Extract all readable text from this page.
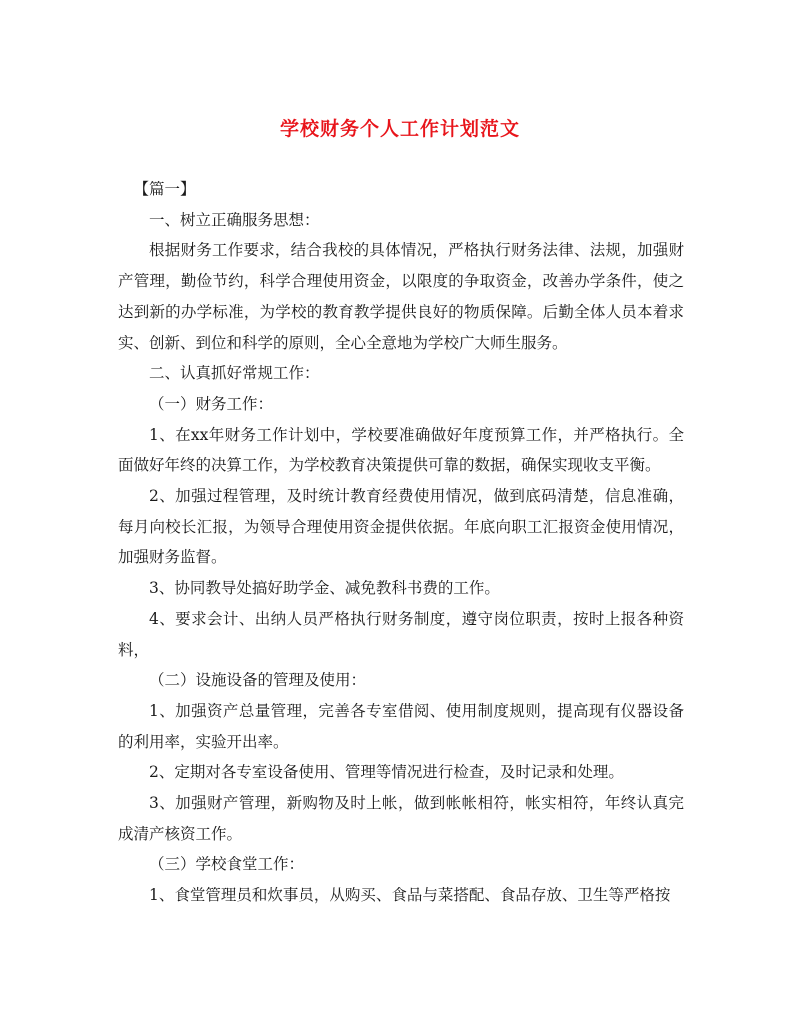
学校财务个人工作计划范文

【篇一】

一、树立正确服务思想：

根据财务工作要求，结合我校的具体情况，严格执行财务法律、法规，加强财产管理，勤俭节约，科学合理使用资金，以限度的争取资金，改善办学条件，使之达到新的办学标准，为学校的教育教学提供良好的物质保障。后勤全体人员本着求实、创新、到位和科学的原则，全心全意地为学校广大师生服务。

二、认真抓好常规工作：

（一）财务工作：

1、在xx年财务工作计划中，学校要准确做好年度预算工作，并严格执行。全面做好年终的决算工作，为学校教育决策提供可靠的数据，确保实现收支平衡。

2、加强过程管理，及时统计教育经费使用情况，做到底码清楚，信息准确，每月向校长汇报，为领导合理使用资金提供依据。年底向职工汇报资金使用情况，加强财务监督。

3、协同教导处搞好助学金、减免教科书费的工作。

4、要求会计、出纳人员严格执行财务制度，遵守岗位职责，按时上报各种资料，

（二）设施设备的管理及使用：

1、加强资产总量管理，完善各专室借阅、使用制度规则，提高现有仪器设备的利用率，实验开出率。

2、定期对各专室设备使用、管理等情况进行检查，及时记录和处理。

3、加强财产管理，新购物及时上帐，做到帐帐相符，帐实相符，年终认真完成清产核资工作。

（三）学校食堂工作：

1、食堂管理员和炊事员，从购买、食品与菜搭配、食品存放、卫生等严格按
